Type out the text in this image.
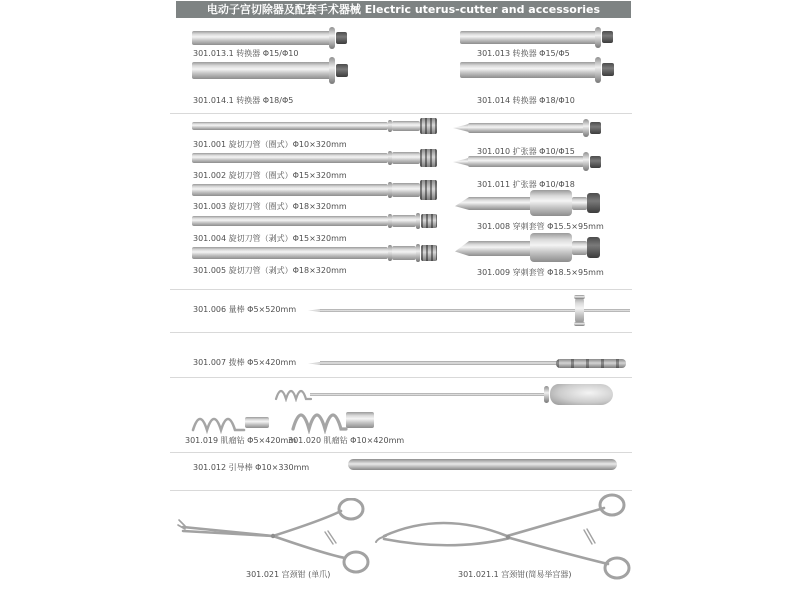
电动子宫切除器及配套手术器械 Electric uterus-cutter and accessories
301.013.1 转换器 Φ15/Φ10
301.014.1 转换器 Φ18/Φ5
301.013 转换器 Φ15/Φ5
301.014 转换器 Φ18/Φ10
301.001 旋切刀管（圈式）Φ10×320mm
301.002 旋切刀管（圈式）Φ15×320mm
301.003 旋切刀管（圈式）Φ18×320mm
301.004 旋切刀管（剥式）Φ15×320mm
301.005 旋切刀管（剥式）Φ18×320mm
301.010 扩张器 Φ10/Φ15
301.011 扩张器 Φ10/Φ18
301.008 穿刺套管 Φ15.5×95mm
301.009 穿刺套管 Φ18.5×95mm
301.006 量棒 Φ5×520mm
301.007 拨棒 Φ5×420mm
301.019 肌瘤钻 Φ5×420mm
301.020 肌瘤钻 Φ10×420mm
301.012 引导棒 Φ10×330mm
301.021 宫颈钳 (单爪)	301.021.1 宫颈钳(简易举宫器)
